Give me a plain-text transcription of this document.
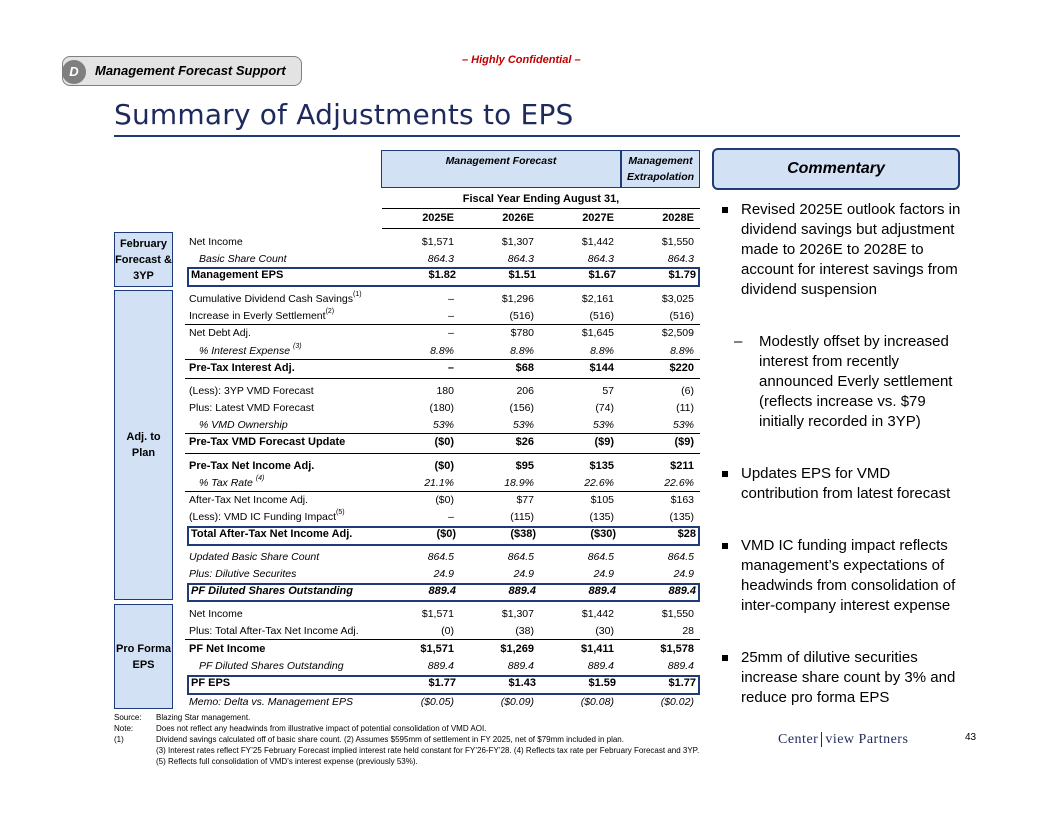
D	Management Forecast Support
– Highly Confidential –
Summary of Adjustments to EPS
Management Forecast	Management Extrapolation
Fiscal Year Ending August 31,
2025E	2026E	2027E	2028E
February Forecast & 3YP
Adj. to Plan
Pro Forma EPS
Net Income	$1,571	$1,307	$1,442	$1,550
Basic Share Count	864.3	864.3	864.3	864.3
Management EPS	$1.82	$1.51	$1.67	$1.79
Cumulative Dividend Cash Savings$^{(1)}$	–	$1,296	$2,161	$3,025
Increase in Everly Settlement$^{(2)}$	–	(516)	(516)	(516)
Net Debt Adj.	–	$780	$1,645	$2,509
% Interest Expense $^{(3)}$	8.8%	8.8%	8.8%	8.8%
Pre-Tax Interest Adj.	–	$68	$144	$220
(Less): 3YP VMD Forecast	180	206	57	(6)
Plus: Latest VMD Forecast	(180)	(156)	(74)	(11)
% VMD Ownership	53%	53%	53%	53%
Pre-Tax VMD Forecast Update	($0)	$26	($9)	($9)
Pre-Tax Net Income Adj.	($0)	$95	$135	$211
% Tax Rate $^{(4)}$	21.1%	18.9%	22.6%	22.6%
After-Tax Net Income Adj.	($0)	$77	$105	$163
(Less): VMD IC Funding Impact$^{(5)}$	–	(115)	(135)	(135)
Total After-Tax Net Income Adj.	($0)	($38)	($30)	$28
Updated Basic Share Count	864.5	864.5	864.5	864.5
Plus: Dilutive Securites	24.9	24.9	24.9	24.9
PF Diluted Shares Outstanding	889.4	889.4	889.4	889.4
Net Income	$1,571	$1,307	$1,442	$1,550
Plus: Total After-Tax Net Income Adj.	(0)	(38)	(30)	28
PF Net Income	$1,571	$1,269	$1,411	$1,578
PF Diluted Shares Outstanding	889.4	889.4	889.4	889.4
PF EPS	$1.77	$1.43	$1.59	$1.77
Memo: Delta vs. Management EPS	($0.05)	($0.09)	($0.08)	($0.02)
Commentary
Revised 2025E outlook factors in dividend savings but adjustment made to 2026E to 2028E to account for interest savings from dividend suspension
– Modestly offset by increased interest from recently announced Everly settlement (reflects increase vs. $79 initially recorded in 3YP)
Updates EPS for VMD contribution from latest forecast
VMD IC funding impact reflects management’s expectations of headwinds from consolidation of inter-company interest expense
25mm of dilutive securities increase share count by 3% and reduce pro forma EPS
Source: Blazing Star management.
Note:	Does not reflect any headwinds from illustrative impact of potential consolidation of VMD AOI.
(1)	Dividend savings calculated off of basic share count. (2) Assumes $595mm of settlement in FY 2025, net of $79mm included in plan.
(3) Interest rates reflect FY’25 February Forecast implied interest rate held constant for FY’26-FY’28. (4) Reflects tax rate per February Forecast and 3YP.
(5) Reflects full consolidation of VMD’s interest expense (previously 53%).
Center view Partners	43
